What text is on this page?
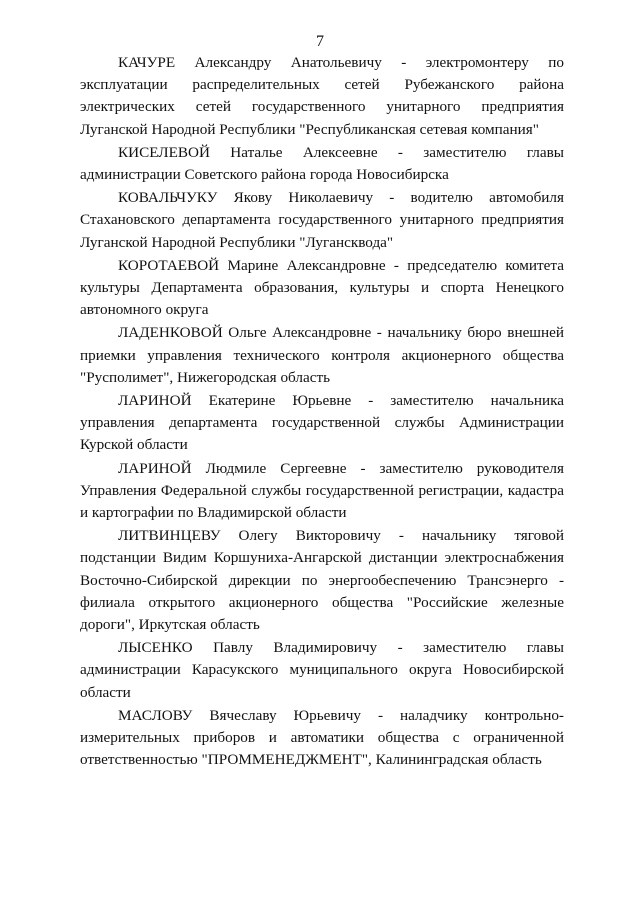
7

КАЧУРЕ Александру Анатольевичу - электромонтеру по эксплуатации распределительных сетей Рубежанского района электрических сетей государственного унитарного предприятия Луганской Народной Республики "Республиканская сетевая компания"

КИСЕЛЕВОЙ Наталье Алексеевне - заместителю главы администрации Советского района города Новосибирска

КОВАЛЬЧУКУ Якову Николаевичу - водителю автомобиля Стахановского департамента государственного унитарного предприятия Луганской Народной Республики "Лугансквода"

КОРОТАЕВОЙ Марине Александровне - председателю комитета культуры Департамента образования, культуры и спорта Ненецкого автономного округа

ЛАДЕНКОВОЙ Ольге Александровне - начальнику бюро внешней приемки управления технического контроля акционерного общества "Русполимет", Нижегородская область

ЛАРИНОЙ Екатерине Юрьевне - заместителю начальника управления департамента государственной службы Администрации Курской области

ЛАРИНОЙ Людмиле Сергеевне - заместителю руководителя Управления Федеральной службы государственной регистрации, кадастра и картографии по Владимирской области

ЛИТВИНЦЕВУ Олегу Викторовичу - начальнику тяговой подстанции Видим Коршуниха-Ангарской дистанции электроснабжения Восточно-Сибирской дирекции по энергообеспечению Трансэнерго - филиала открытого акционерного общества "Российские железные дороги", Иркутская область

ЛЫСЕНКО Павлу Владимировичу - заместителю главы администрации Карасукского муниципального округа Новосибирской области

МАСЛОВУ Вячеславу Юрьевичу - наладчику контрольно-измерительных приборов и автоматики общества с ограниченной ответственностью "ПРОММЕНЕДЖМЕНТ", Калининградская область
